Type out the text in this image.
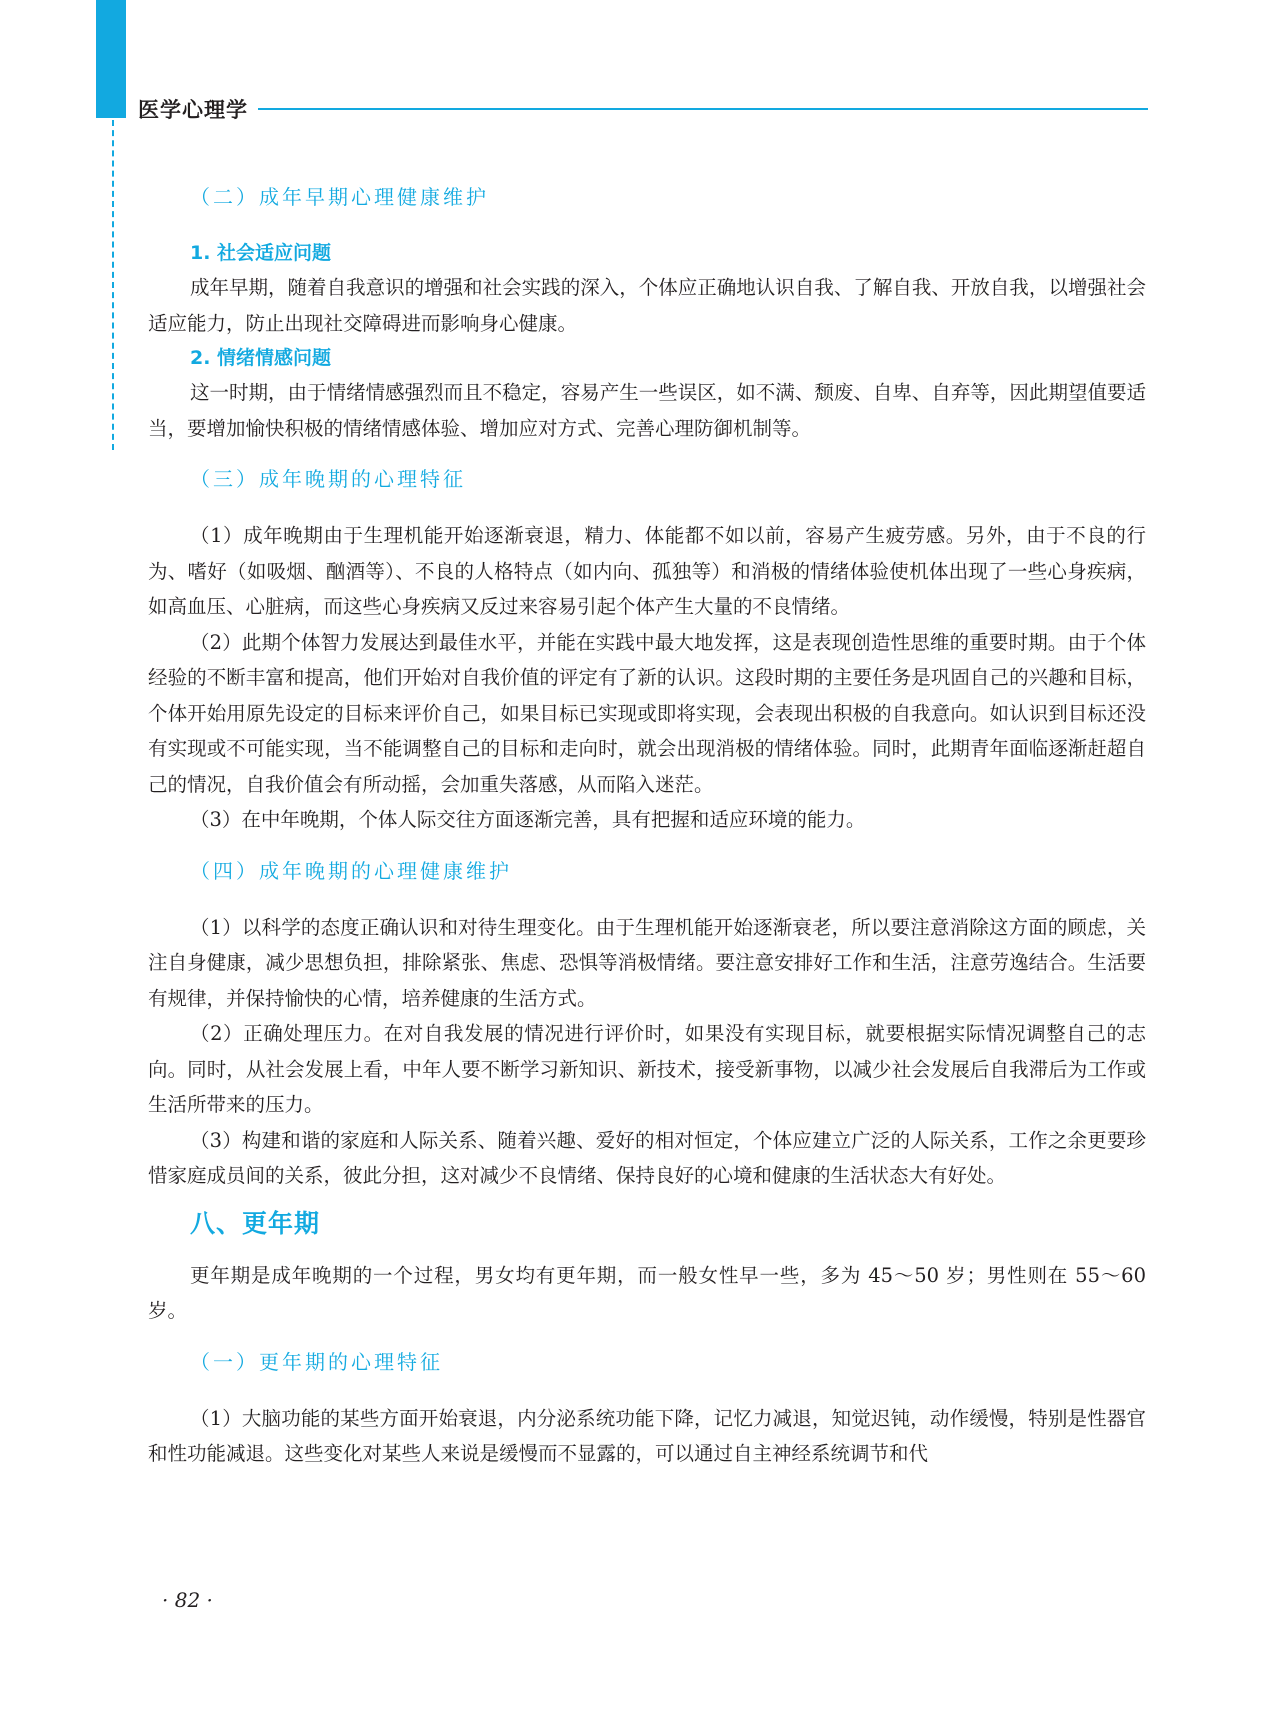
医学心理学
（二）成年早期心理健康维护
1. 社会适应问题

成年早期，随着自我意识的增强和社会实践的深入，个体应正确地认识自我、了解自我、开放自我，以增强社会适应能力，防止出现社交障碍进而影响身心健康。

2. 情绪情感问题

这一时期，由于情绪情感强烈而且不稳定，容易产生一些误区，如不满、颓废、自卑、自弃等，因此期望值要适当，要增加愉快积极的情绪情感体验、增加应对方式、完善心理防御机制等。

（三）成年晚期的心理特征

（1）成年晚期由于生理机能开始逐渐衰退，精力、体能都不如以前，容易产生疲劳感。另外，由于不良的行为、嗜好（如吸烟、酗酒等）、不良的人格特点（如内向、孤独等）和消极的情绪体验使机体出现了一些心身疾病，如高血压、心脏病，而这些心身疾病又反过来容易引起个体产生大量的不良情绪。

（2）此期个体智力发展达到最佳水平，并能在实践中最大地发挥，这是表现创造性思维的重要时期。由于个体经验的不断丰富和提高，他们开始对自我价值的评定有了新的认识。这段时期的主要任务是巩固自己的兴趣和目标，个体开始用原先设定的目标来评价自己，如果目标已实现或即将实现，会表现出积极的自我意向。如认识到目标还没有实现或不可能实现，当不能调整自己的目标和走向时，就会出现消极的情绪体验。同时，此期青年面临逐渐赶超自己的情况，自我价值会有所动摇，会加重失落感，从而陷入迷茫。

（3）在中年晚期，个体人际交往方面逐渐完善，具有把握和适应环境的能力。

（四）成年晚期的心理健康维护

（1）以科学的态度正确认识和对待生理变化。由于生理机能开始逐渐衰老，所以要注意消除这方面的顾虑，关注自身健康，减少思想负担，排除紧张、焦虑、恐惧等消极情绪。要注意安排好工作和生活，注意劳逸结合。生活要有规律，并保持愉快的心情，培养健康的生活方式。

（2）正确处理压力。在对自我发展的情况进行评价时，如果没有实现目标，就要根据实际情况调整自己的志向。同时，从社会发展上看，中年人要不断学习新知识、新技术，接受新事物，以减少社会发展后自我滞后为工作或生活所带来的压力。

（3）构建和谐的家庭和人际关系、随着兴趣、爱好的相对恒定，个体应建立广泛的人际关系，工作之余更要珍惜家庭成员间的关系，彼此分担，这对减少不良情绪、保持良好的心境和健康的生活状态大有好处。

八、更年期

更年期是成年晚期的一个过程，男女均有更年期，而一般女性早一些，多为 45～50 岁；男性则在 55～60 岁。

（一）更年期的心理特征

（1）大脑功能的某些方面开始衰退，内分泌系统功能下降，记忆力减退，知觉迟钝，动作缓慢，特别是性器官和性功能减退。这些变化对某些人来说是缓慢而不显露的，可以通过自主神经系统调节和代

· 82 ·
